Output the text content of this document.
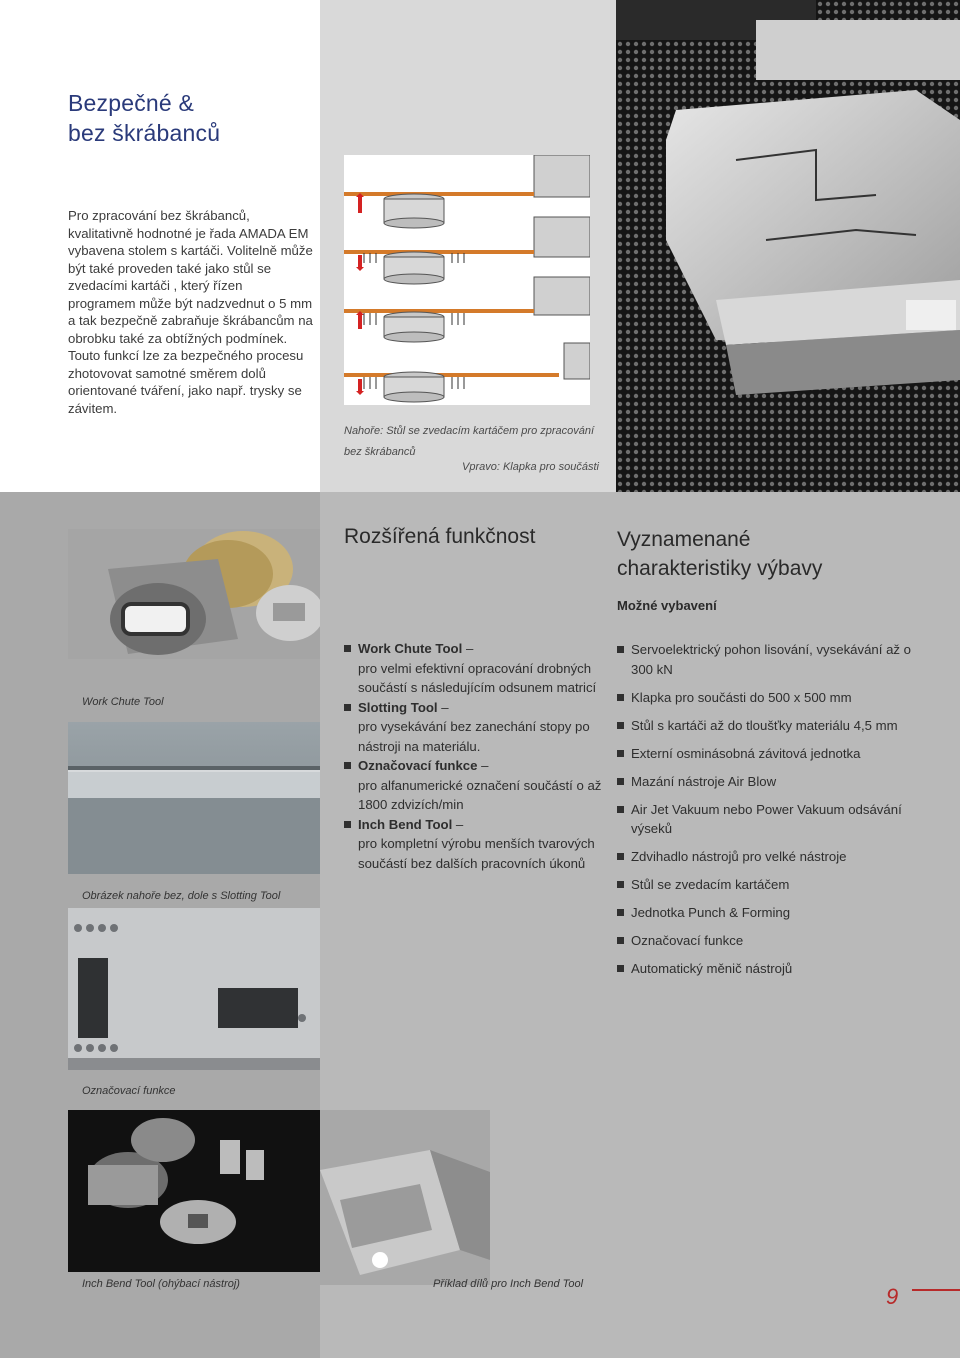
Bezpečné &
bez škrábanců

Pro zpracování bez škrábanců, kvalitativně hodnotné je řada AMADA EM vybavena stolem s kartáči. Volitelně může být také proveden také jako stůl se zvedacími kartáči , který řízen programem může být nadzvednut o 5 mm a tak bezpečně zabraňuje škrábancům na obrobku také za obtížných podmínek. Touto funkcí lze za bezpečného procesu zhotovovat samotné směrem dolů orientované tváření, jako např. trysky se závitem.

Nahoře: Stůl se zvedacím kartáčem pro zpracování
bez škrábanců
Vpravo: Klapka pro součásti
Rozšířená funkčnost	Vyznamenané
charakteristiky výbavy
Možné vybavení
Work Chute Tool –
pro velmi efektivní opracování drobných součástí s následujícím odsunem matricí
Slotting Tool –
pro vysekávání bez zanechání stopy po nástroji na materiálu.
Označovací funkce –
pro alfanumerické označení součástí o až 1800 zdvizích/min
Inch Bend Tool –
pro kompletní výrobu menších tvarových součástí bez dalších pracovních úkonů
Servoelektrický pohon lisování, vysekávání až o 300 kN
Klapka pro součásti do 500 x 500 mm
Stůl s kartáči až do tloušťky materiálu 4,5 mm
Externí osminásobná závitová jednotka
Mazání nástroje Air Blow
Air Jet Vakuum nebo Power Vakuum odsávání výseků
Zdvihadlo nástrojů pro velké nástroje
Stůl se zvedacím kartáčem
Jednotka Punch & Forming
Označovací funkce
Automatický měnič nástrojů
Work Chute Tool
Obrázek nahoře bez, dole s Slotting Tool
Označovací funkce
Inch Bend Tool (ohýbací nástroj)	Příklad dílů pro Inch Bend Tool	9
